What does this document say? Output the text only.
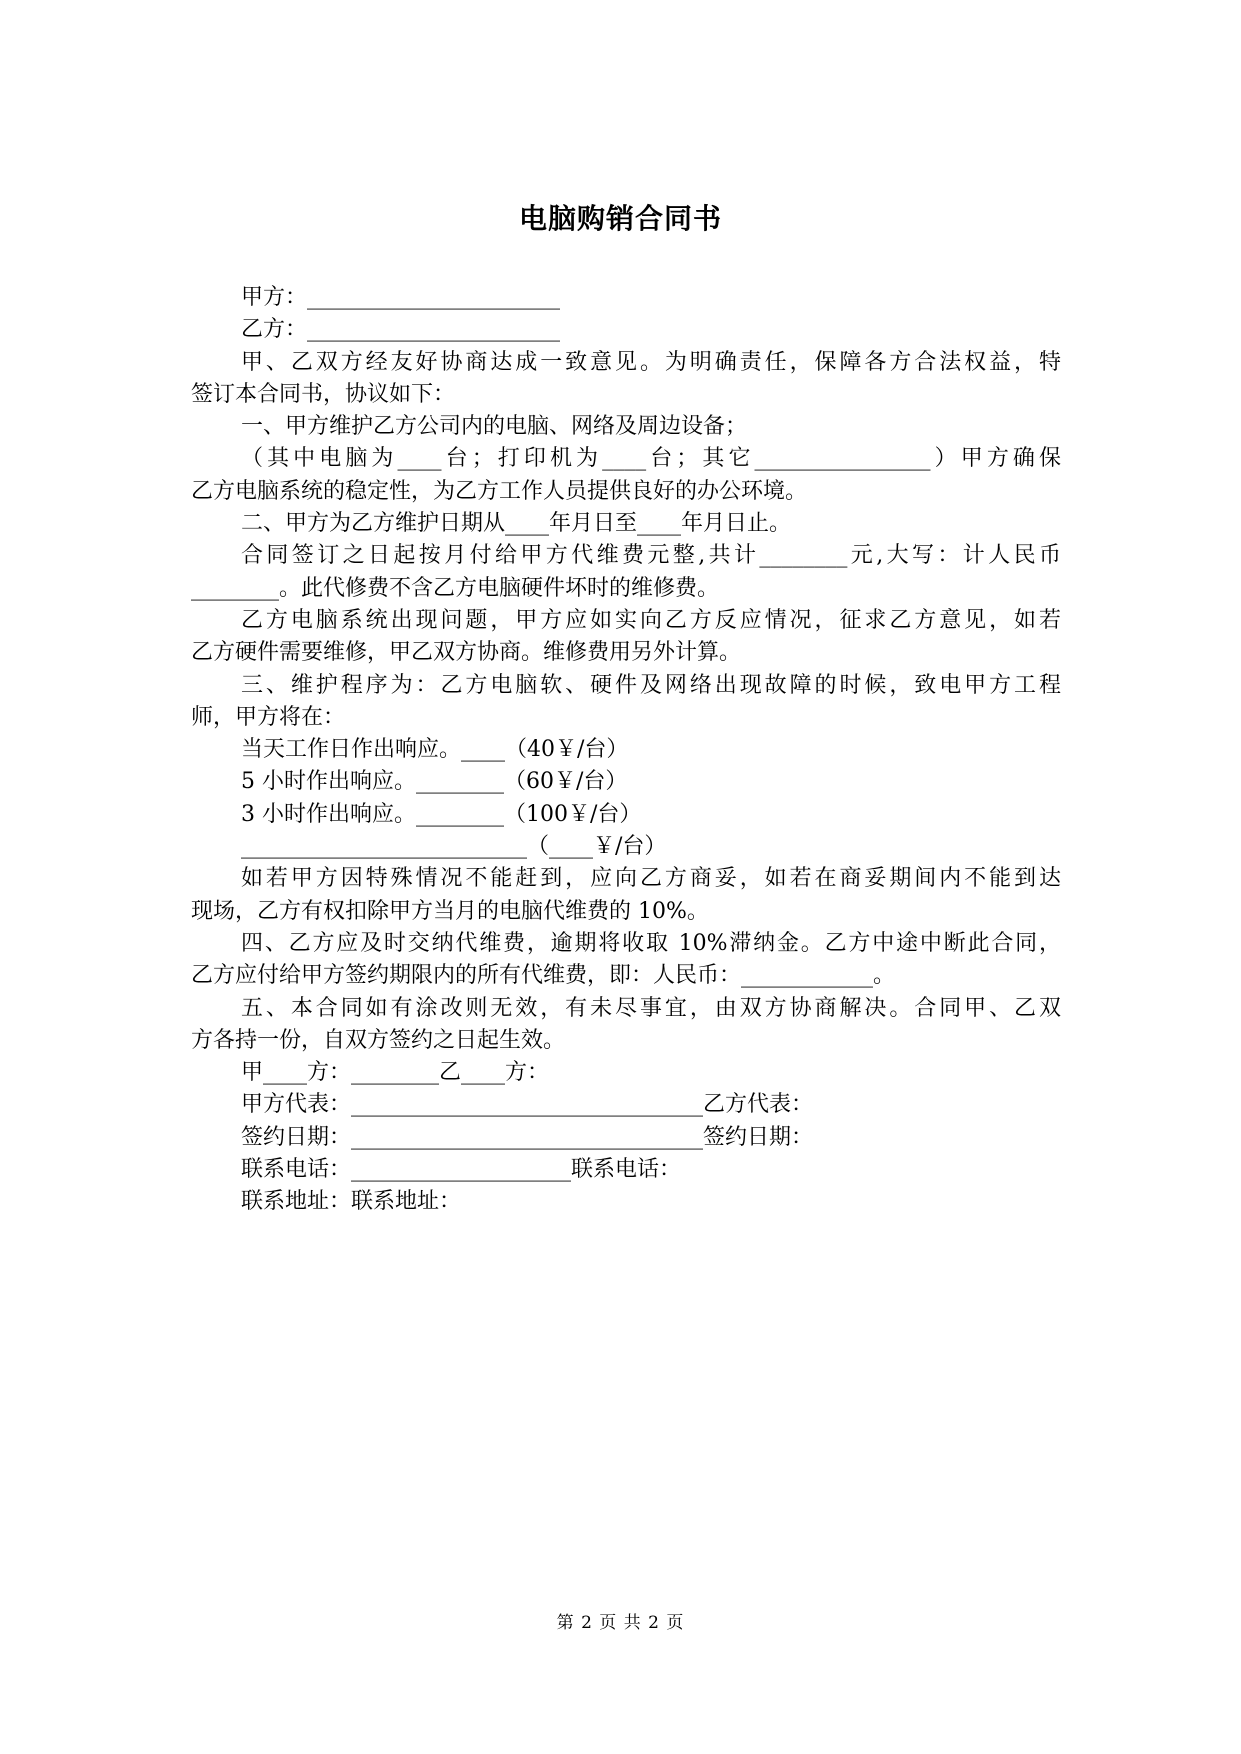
电脑购销合同书
甲方：_______________________
乙方：_______________________
甲、乙双方经友好协商达成一致意见。为明确责任，保障各方合法权益，特
签订本合同书，协议如下：
一、甲方维护乙方公司内的电脑、网络及周边设备；
（其中电脑为____台；打印机为____台；其它________________）甲方确保
乙方电脑系统的稳定性，为乙方工作人员提供良好的办公环境。
二、甲方为乙方维护日期从____年月日至____年月日止。
合同签订之日起按月付给甲方代维费元整,共计________元,大写：计人民币
________。此代修费不含乙方电脑硬件坏时的维修费。
乙方电脑系统出现问题，甲方应如实向乙方反应情况，征求乙方意见，如若
乙方硬件需要维修，甲乙双方协商。维修费用另外计算。
三、维护程序为：乙方电脑软、硬件及网络出现故障的时候，致电甲方工程
师，甲方将在：
当天工作日作出响应。____（40￥/台）
5 小时作出响应。________（60￥/台）
3 小时作出响应。________（100￥/台）
__________________________（____￥/台）
如若甲方因特殊情况不能赶到，应向乙方商妥，如若在商妥期间内不能到达
现场，乙方有权扣除甲方当月的电脑代维费的 10%。
四、乙方应及时交纳代维费，逾期将收取 10%滞纳金。乙方中途中断此合同，
乙方应付给甲方签约期限内的所有代维费，即：人民币：____________。
五、本合同如有涂改则无效，有未尽事宜，由双方协商解决。合同甲、乙双
方各持一份，自双方签约之日起生效。
甲____方：________乙____方：
甲方代表：________________________________乙方代表：
签约日期：________________________________签约日期：
联系电话：____________________联系电话：
联系地址：联系地址：
第 2 页 共 2 页
